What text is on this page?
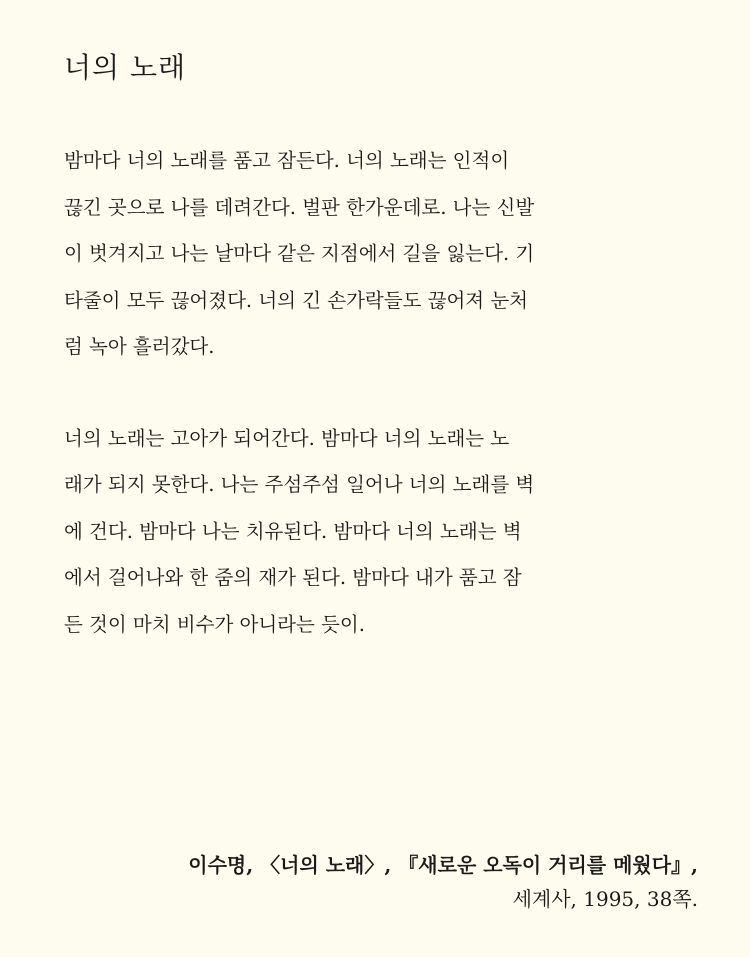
너의 노래

밤마다 너의 노래를 품고 잠든다. 너의 노래는 인적이
끊긴 곳으로 나를 데려간다. 벌판 한가운데로. 나는 신발
이 벗겨지고 나는 날마다 같은 지점에서 길을 잃는다. 기
타줄이 모두 끊어졌다. 너의 긴 손가락들도 끊어져 눈처
럼 녹아 흘러갔다.

너의 노래는 고아가 되어간다. 밤마다 너의 노래는 노
래가 되지 못한다. 나는 주섬주섬 일어나 너의 노래를 벽
에 건다. 밤마다 나는 치유된다. 밤마다 너의 노래는 벽
에서 걸어나와 한 줌의 재가 된다. 밤마다 내가 품고 잠
든 것이 마치 비수가 아니라는 듯이.

이수명, 〈너의 노래〉, 『새로운 오독이 거리를 메웠다』,
세계사, 1995, 38쪽.
